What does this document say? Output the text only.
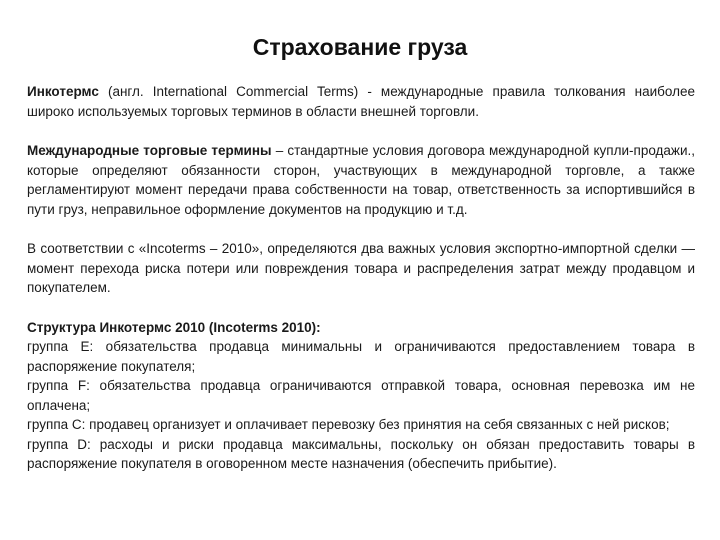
Страхование груза

Инкотермс (англ. International Commercial Terms) - международные правила толкования наиболее широко используемых торговых терминов в области внешней торговли.

Международные торговые термины – стандартные условия договора международной купли-продажи., которые определяют обязанности сторон, участвующих в международной торговле, а также регламентируют момент передачи права собственности на товар, ответственность за испортившийся в пути груз, неправильное оформление документов на продукцию и т.д.

В соответствии с «Incoterms – 2010», определяются два важных условия экспортно-импортной сделки — момент перехода риска потери или повреждения товара и распределения затрат между продавцом и покупателем.

Структура Инкотермс 2010 (Incoterms 2010):
группа E: обязательства продавца минимальны и ограничиваются предоставлением товара в распоряжение покупателя;
группа F: обязательства продавца ограничиваются отправкой товара, основная перевозка им не оплачена;
группа C: продавец организует и оплачивает перевозку без принятия на себя связанных с ней рисков;
группа D: расходы и риски продавца максимальны, поскольку он обязан предоставить товары в распоряжение покупателя в оговоренном месте назначения (обеспечить прибытие).
